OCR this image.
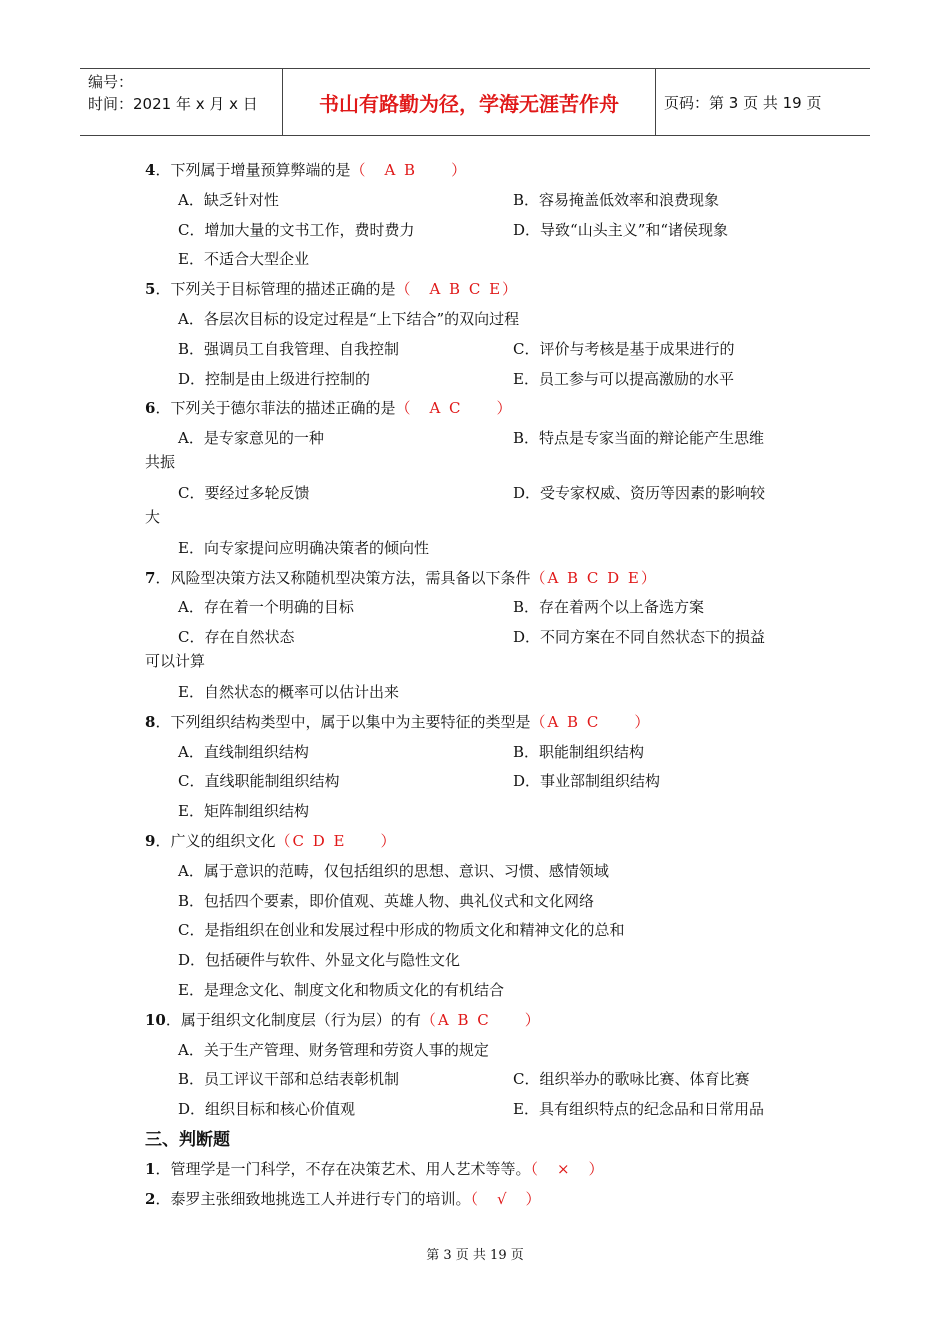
编号：
时间：2021 年 x 月 x 日	书山有路勤为径，学海无涯苦作舟	页码：第 3 页 共 19 页
4．下列属于增量预算弊端的是（　A B　　）
A．缺乏针对性	B．容易掩盖低效率和浪费现象
C．增加大量的文书工作，费时费力	D．导致“山头主义”和“诸侯现象
E．不适合大型企业
5．下列关于目标管理的描述正确的是（　A B C E）
A．各层次目标的设定过程是“上下结合”的双向过程
B．强调员工自我管理、自我控制	C．评价与考核是基于成果进行的
D．控制是由上级进行控制的	E．员工参与可以提高激励的水平
6．下列关于德尔菲法的描述正确的是（　A C　　）
A．是专家意见的一种	B．特点是专家当面的辩论能产生思维
共振
C．要经过多轮反馈	D．受专家权威、资历等因素的影响较
大
E．向专家提问应明确决策者的倾向性
7．风险型决策方法又称随机型决策方法，需具备以下条件（A B C D E）
A．存在着一个明确的目标	B．存在着两个以上备选方案
C．存在自然状态	D．不同方案在不同自然状态下的损益
可以计算
E．自然状态的概率可以估计出来
8．下列组织结构类型中，属于以集中为主要特征的类型是（A B C　　）
A．直线制组织结构	B．职能制组织结构
C．直线职能制组织结构	D．事业部制组织结构
E．矩阵制组织结构
9．广义的组织文化（C D E　　）
A．属于意识的范畴，仅包括组织的思想、意识、习惯、感情领域
B．包括四个要素，即价值观、英雄人物、典礼仪式和文化网络
C．是指组织在创业和发展过程中形成的物质文化和精神文化的总和
D．包括硬件与软件、外显文化与隐性文化
E．是理念文化、制度文化和物质文化的有机结合
10．属于组织文化制度层（行为层）的有（A B C　　）
A．关于生产管理、财务管理和劳资人事的规定
B．员工评议干部和总结表彰机制	C．组织举办的歌咏比赛、体育比赛
D．组织目标和核心价值观	E．具有组织特点的纪念品和日常用品
三、判断题
1．管理学是一门科学，不存在决策艺术、用人艺术等等。（　×　）
2．泰罗主张细致地挑选工人并进行专门的培训。（　√　）
第 3 页 共 19 页
